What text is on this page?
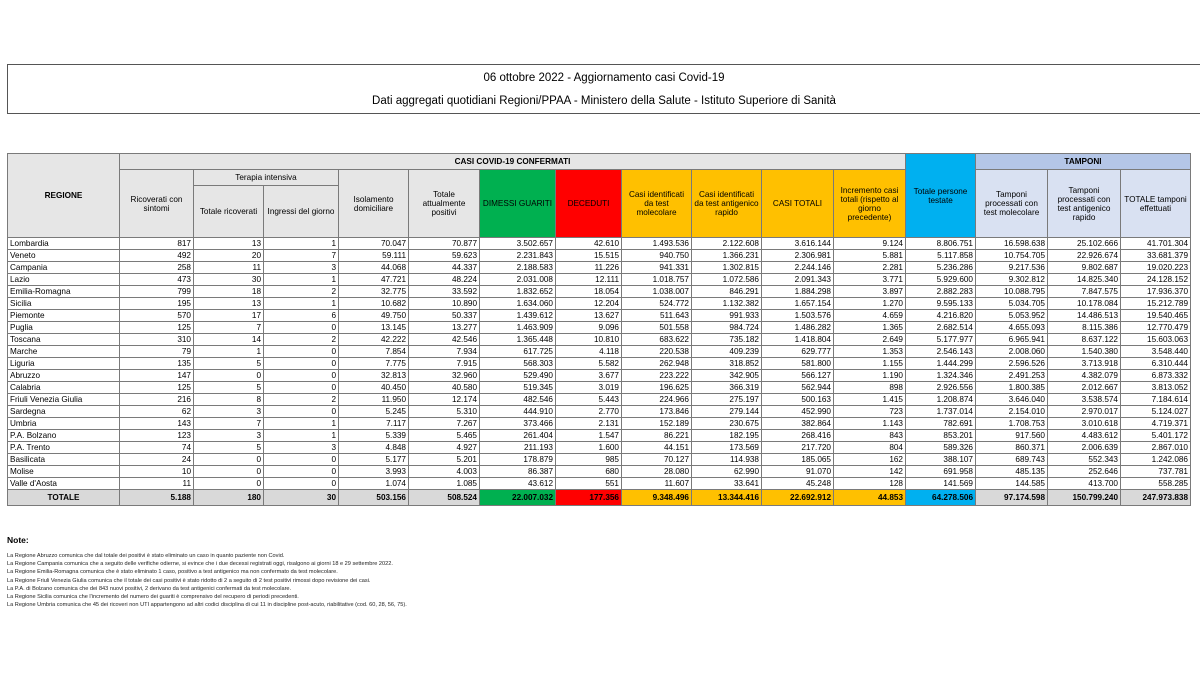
06 ottobre 2022 - Aggiornamento casi Covid-19
Dati aggregati quotidiani Regioni/PPAA - Ministero della Salute - Istituto Superiore di Sanità
REGIONE	CASI COVID-19 CONFERMATI											Totale persone testate	TAMPONI		
	Ricoverati con sintomi	Terapia intensiva		Isolamento domiciliare	Totale attualmente positivi	DIMESSI GUARITI	DECEDUTI	Casi identificati da test molecolare	Casi identificati da test antigenico rapido	CASI TOTALI	Incremento casi totali (rispetto al giorno precedente)		Tamponi processati con test molecolare	Tamponi processati con test antigenico rapido	TOTALE tamponi effettuati
		Totale ricoverati	Ingressi del giorno												
Lombardia	817	13	1	70.047	70.877	3.502.657	42.610	1.493.536	2.122.608	3.616.144	9.124	8.806.751	16.598.638	25.102.666	41.701.304
Veneto	492	20	7	59.111	59.623	2.231.843	15.515	940.750	1.366.231	2.306.981	5.881	5.117.858	10.754.705	22.926.674	33.681.379
Campania	258	11	3	44.068	44.337	2.188.583	11.226	941.331	1.302.815	2.244.146	2.281	5.236.286	9.217.536	9.802.687	19.020.223
Lazio	473	30	1	47.721	48.224	2.031.008	12.111	1.018.757	1.072.586	2.091.343	3.771	5.929.600	9.302.812	14.825.340	24.128.152
Emilia-Romagna	799	18	2	32.775	33.592	1.832.652	18.054	1.038.007	846.291	1.884.298	3.897	2.882.283	10.088.795	7.847.575	17.936.370
Sicilia	195	13	1	10.682	10.890	1.634.060	12.204	524.772	1.132.382	1.657.154	1.270	9.595.133	5.034.705	10.178.084	15.212.789
Piemonte	570	17	6	49.750	50.337	1.439.612	13.627	511.643	991.933	1.503.576	4.659	4.216.820	5.053.952	14.486.513	19.540.465
Puglia	125	7	0	13.145	13.277	1.463.909	9.096	501.558	984.724	1.486.282	1.365	2.682.514	4.655.093	8.115.386	12.770.479
Toscana	310	14	2	42.222	42.546	1.365.448	10.810	683.622	735.182	1.418.804	2.649	5.177.977	6.965.941	8.637.122	15.603.063
Marche	79	1	0	7.854	7.934	617.725	4.118	220.538	409.239	629.777	1.353	2.546.143	2.008.060	1.540.380	3.548.440
Liguria	135	5	0	7.775	7.915	568.303	5.582	262.948	318.852	581.800	1.155	1.444.299	2.596.526	3.713.918	6.310.444
Abruzzo	147	0	0	32.813	32.960	529.490	3.677	223.222	342.905	566.127	1.190	1.324.346	2.491.253	4.382.079	6.873.332
Calabria	125	5	0	40.450	40.580	519.345	3.019	196.625	366.319	562.944	898	2.926.556	1.800.385	2.012.667	3.813.052
Friuli Venezia Giulia	216	8	2	11.950	12.174	482.546	5.443	224.966	275.197	500.163	1.415	1.208.874	3.646.040	3.538.574	7.184.614
Sardegna	62	3	0	5.245	5.310	444.910	2.770	173.846	279.144	452.990	723	1.737.014	2.154.010	2.970.017	5.124.027
Umbria	143	7	1	7.117	7.267	373.466	2.131	152.189	230.675	382.864	1.143	782.691	1.708.753	3.010.618	4.719.371
P.A. Bolzano	123	3	1	5.339	5.465	261.404	1.547	86.221	182.195	268.416	843	853.201	917.560	4.483.612	5.401.172
P.A. Trento	74	5	3	4.848	4.927	211.193	1.600	44.151	173.569	217.720	804	589.326	860.371	2.006.639	2.867.010
Basilicata	24	0	0	5.177	5.201	178.879	985	70.127	114.938	185.065	162	388.107	689.743	552.343	1.242.086
Molise	10	0	0	3.993	4.003	86.387	680	28.080	62.990	91.070	142	691.958	485.135	252.646	737.781
Valle d'Aosta	11	0	0	1.074	1.085	43.612	551	11.607	33.641	45.248	128	141.569	144.585	413.700	558.285
TOTALE	5.188	180	30	503.156	508.524	22.007.032	177.356	9.348.496	13.344.416	22.692.912	44.853	64.278.506	97.174.598	150.799.240	247.973.838
Note:
La Regione Abruzzo comunica che dal totale dei positivi è stato eliminato un caso in quanto paziente non Covid.
La Regione Campania comunica che a seguito delle verifiche odierne, si evince che i due decessi registrati oggi, risalgono ai giorni 18 e 29 settembre 2022.
La Regione Emilia-Romagna comunica che è stato eliminato 1 caso, positivo a test antigenico ma non confermato da test molecolare.
La Regione Friuli Venezia Giulia comunica che il totale dei casi positivi è stato ridotto di 2 a seguito di 2 test positivi rimossi dopo revisione dei casi.
La P.A. di Bolzano comunica che dei 843 nuovi positivi, 2 derivano da test antigenici confermati da test molecolare.
La Regione Sicilia comunica che l'incremento del numero dei guariti è comprensivo del recupero di periodi precedenti.
La Regione Umbria comunica che 45 dei ricoveri non UTI appartengono ad altri codici disciplina di cui 11 in discipline post-acuto, riabilitative (cod. 60, 28, 56, 75).
